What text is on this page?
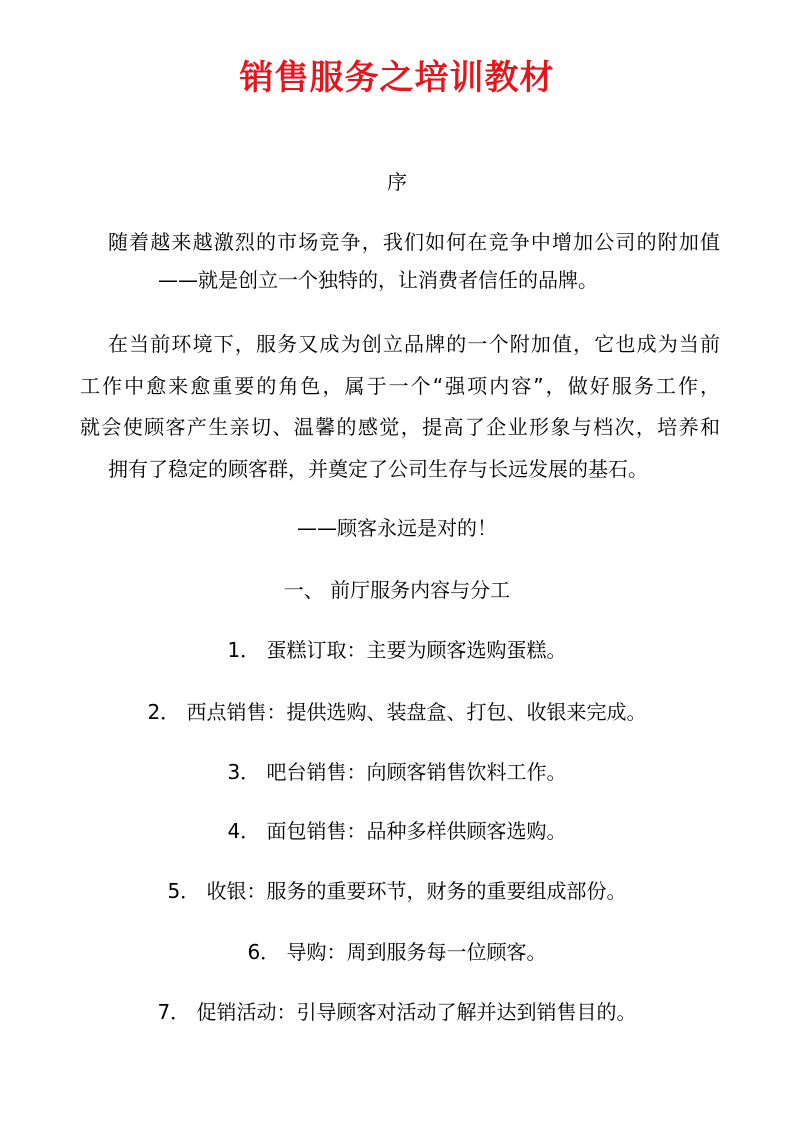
销售服务之培训教材
序
随着越来越激烈的市场竞争，我们如何在竞争中增加公司的附加值
——就是创立一个独特的，让消费者信任的品牌。
在当前环境下，服务又成为创立品牌的一个附加值，它也成为当前
工作中愈来愈重要的角色，属于一个“强项内容”，做好服务工作，
就会使顾客产生亲切、温馨的感觉，提高了企业形象与档次，培养和
拥有了稳定的顾客群，并奠定了公司生存与长远发展的基石。
——顾客永远是对的！
一、 前厅服务内容与分工
1． 蛋糕订取：主要为顾客选购蛋糕。
2． 西点销售：提供选购、装盘盒、打包、收银来完成。
3． 吧台销售：向顾客销售饮料工作。
4． 面包销售：品种多样供顾客选购。
5． 收银：服务的重要环节，财务的重要组成部份。
6． 导购：周到服务每一位顾客。
7． 促销活动：引导顾客对活动了解并达到销售目的。
